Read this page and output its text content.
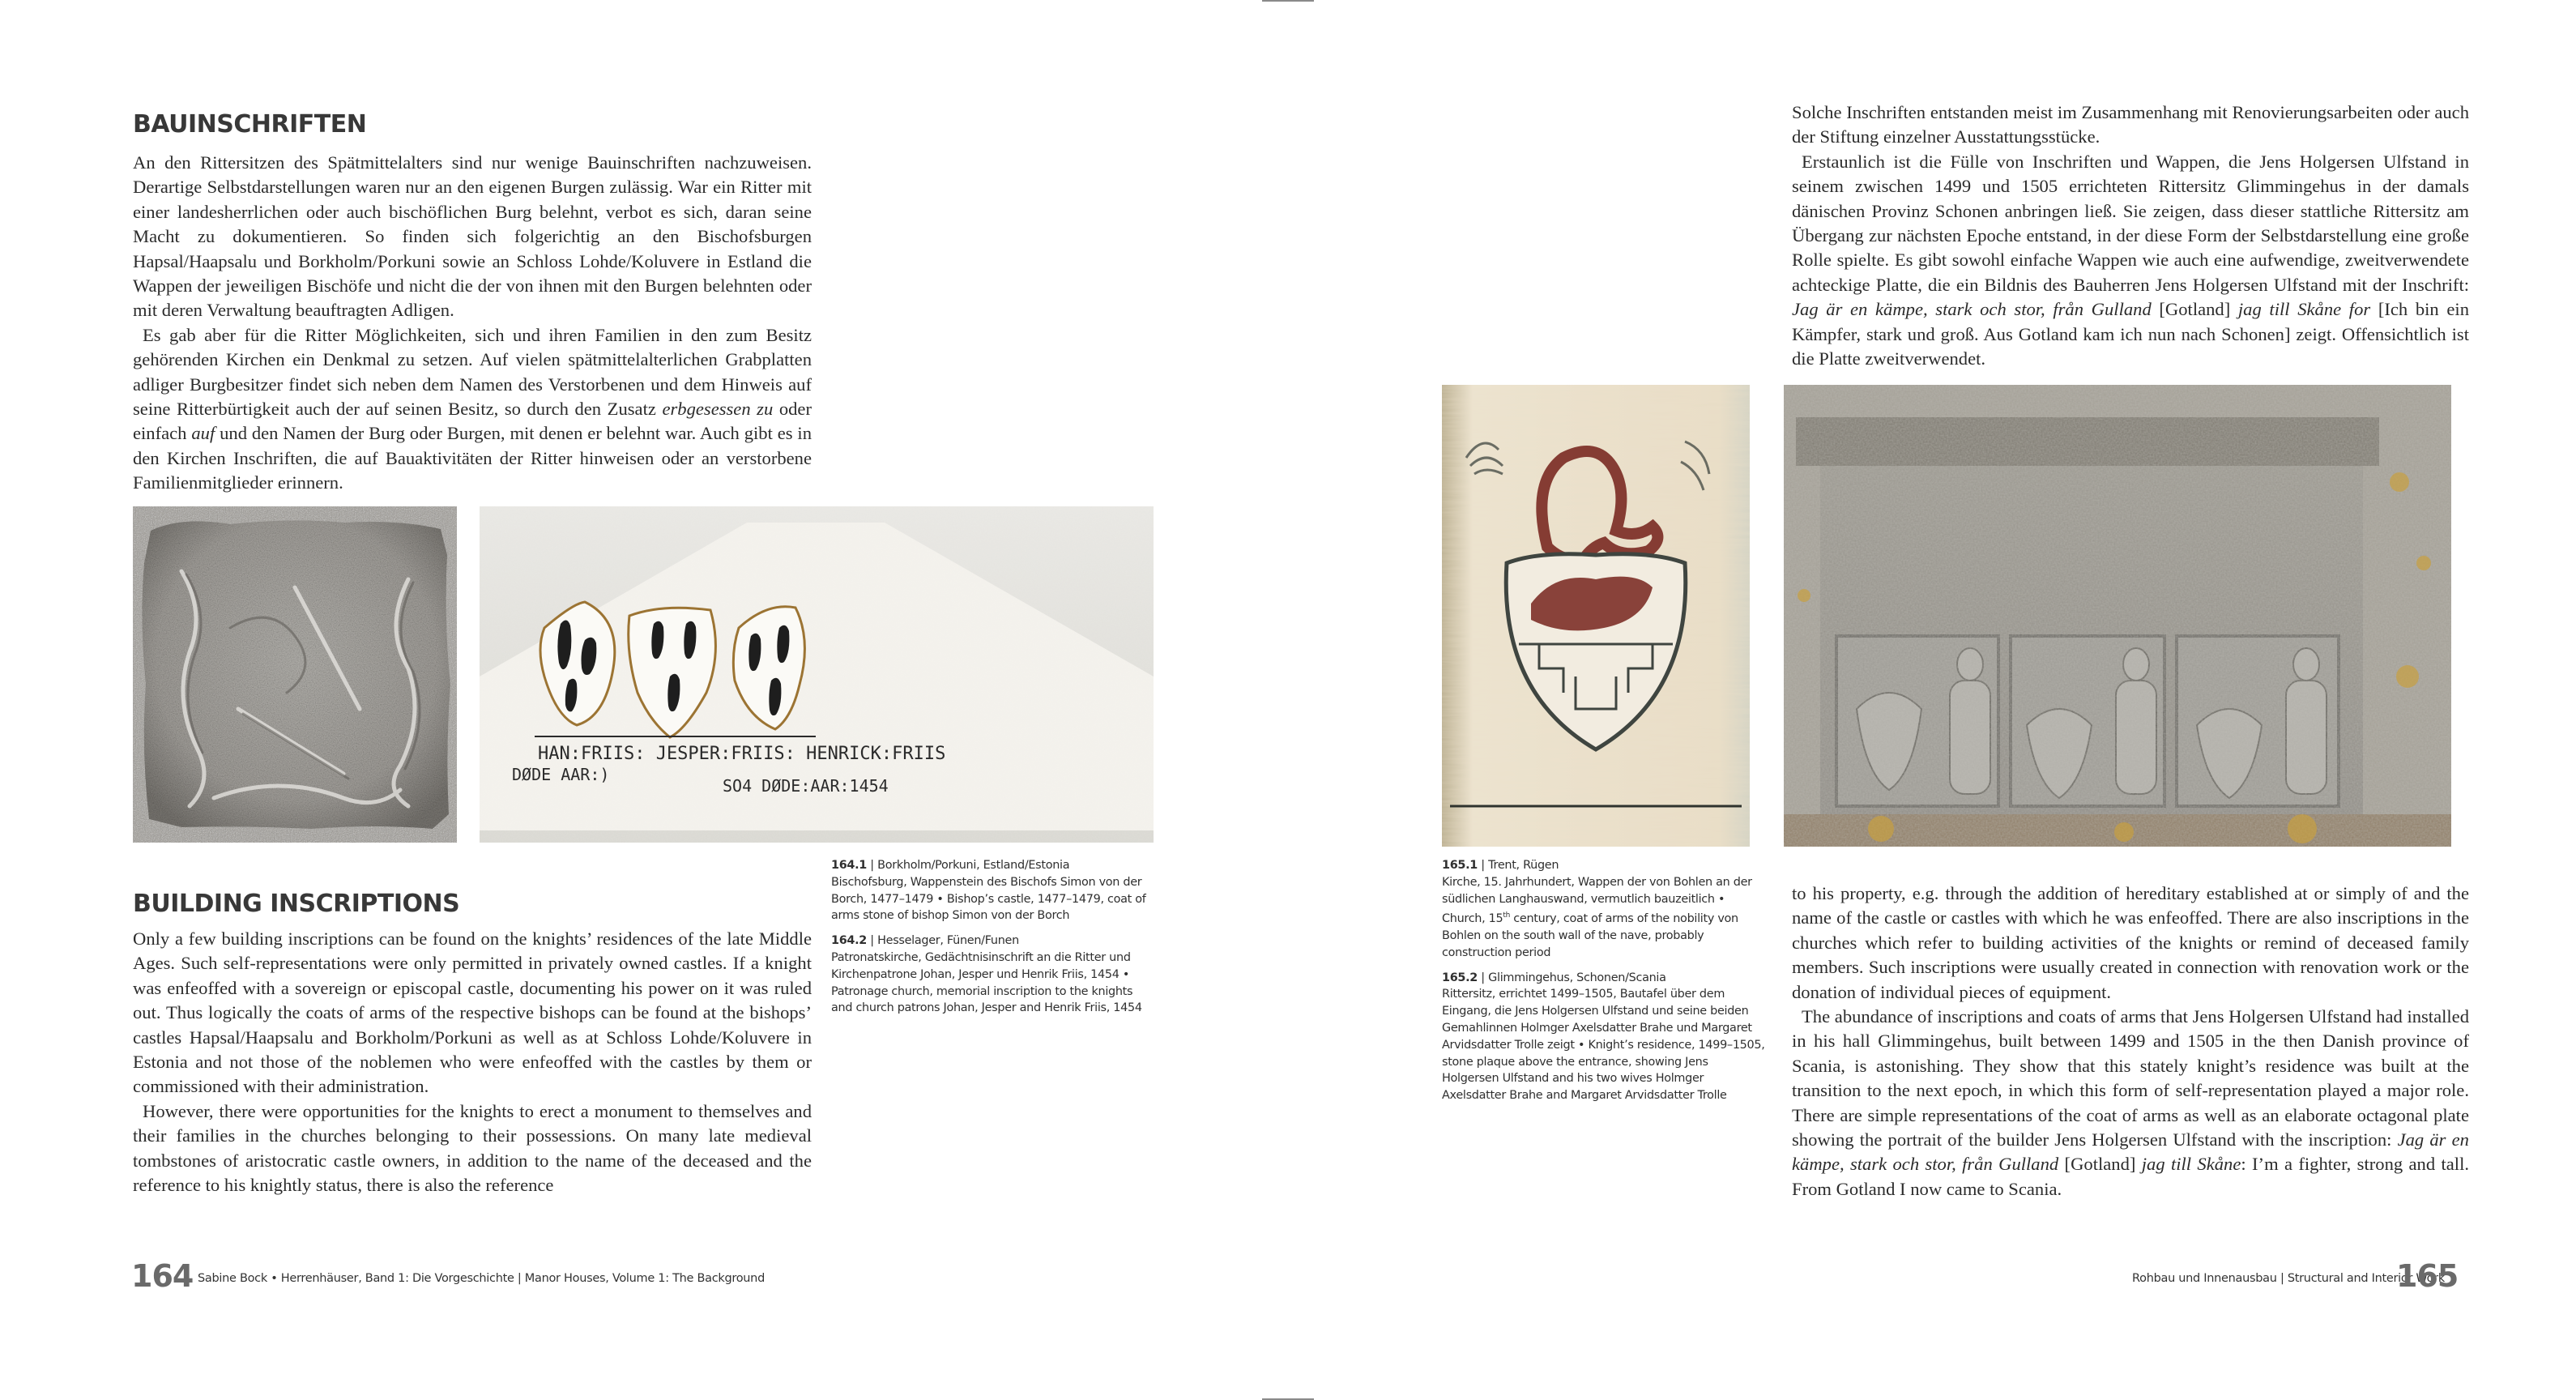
BAUINSCHRIFTEN

An den Rittersitzen des Spätmittelalters sind nur wenige Bauinschriften nachzuweisen. Derartige Selbstdarstellungen waren nur an den eigenen Burgen zulässig. War ein Ritter mit einer landesherrlichen oder auch bischöflichen Burg belehnt, verbot es sich, daran seine Macht zu dokumentieren. So finden sich folgerichtig an den Bischofsburgen Hapsal/Haapsalu und Borkholm/Porkuni sowie an Schloss Lohde/Koluvere in Estland die Wappen der jeweiligen Bischöfe und nicht die der von ihnen mit den Burgen belehnten oder mit deren Verwaltung beauftragten Adligen.

Es gab aber für die Ritter Möglichkeiten, sich und ihren Familien in den zum Besitz gehörenden Kirchen ein Denkmal zu setzen. Auf vielen spätmittelalterlichen Grabplatten adliger Burgbesitzer findet sich neben dem Namen des Verstorbenen und dem Hinweis auf seine Ritterbürtigkeit auch der auf seinen Besitz, so durch den Zusatz erbgesessen zu oder einfach auf und den Namen der Burg oder Burgen, mit denen er belehnt war. Auch gibt es in den Kirchen Inschriften, die auf Bauaktivitäten der Ritter hinweisen oder an verstorbene Familienmitglieder erinnern.

HAN:FRIIS: JESPER:FRIIS: HENRICK:FRIIS
DØDE AAR:)
SO4 DØDE:AAR:1454
BUILDING INSCRIPTIONS

Only a few building inscriptions can be found on the knights’ residences of the late Middle Ages. Such self-representations were only permitted in privately owned castles. If a knight was enfeoffed with a sovereign or episcopal castle, documenting his power on it was ruled out. Thus logically the coats of arms of the respective bishops can be found at the bishops’ castles Hapsal/Haapsalu and Borkholm/Porkuni as well as at Schloss Lohde/Koluvere in Estonia and not those of the noblemen who were enfeoffed with the castles by them or commissioned with their administration.

However, there were opportunities for the knights to erect a monument to themselves and their families in the churches belonging to their possessions. On many late medieval tombstones of aristocratic castle owners, in addition to the name of the deceased and the reference to his knightly status, there is also the reference

164.1 | Borkholm/Porkuni, Estland/Estonia
Bischofsburg, Wappenstein des Bischofs Simon von der Borch, 1477–1479 • Bishop’s castle, 1477–1479, coat of arms stone of bishop Simon von der Borch
164.2 | Hesselager, Fünen/Funen
Patronatskirche, Gedächtnisinschrift an die Ritter und Kirchenpatrone Johan, Jesper und Henrik Friis, 1454 • Patronage church, memorial inscription to the knights and church patrons Johan, Jesper and Henrik Friis, 1454
164 Sabine Bock • Herrenhäuser, Band 1: Die Vorgeschichte | Manor Houses, Volume 1: The Background

Solche Inschriften entstanden meist im Zusammenhang mit Renovierungsarbeiten oder auch der Stiftung einzelner Ausstattungsstücke.

Erstaunlich ist die Fülle von Inschriften und Wappen, die Jens Holgersen Ulfstand in seinem zwischen 1499 und 1505 errichteten Rittersitz Glimmingehus in der damals dänischen Provinz Schonen anbringen ließ. Sie zeigen, dass dieser stattliche Rittersitz am Übergang zur nächsten Epoche entstand, in der diese Form der Selbstdarstellung eine große Rolle spielte. Es gibt sowohl einfache Wappen wie auch eine aufwendige, zweitverwendete achteckige Platte, die ein Bildnis des Bauherren Jens Holgersen Ulfstand mit der Inschrift: Jag är en kämpe, stark och stor, från Gulland [Gotland] jag till Skåne for [Ich bin ein Kämpfer, stark und groß. Aus Gotland kam ich nun nach Schonen] zeigt. Offensichtlich ist die Platte zweitverwendet.

165.1 | Trent, Rügen
Kirche, 15. Jahrhundert, Wappen der von Bohlen an der südlichen Langhauswand, vermutlich bauzeitlich • Church, 15th century, coat of arms of the nobility von Bohlen on the south wall of the nave, probably construction period
165.2 | Glimmingehus, Schonen/Scania
Rittersitz, errichtet 1499–1505, Bautafel über dem Eingang, die Jens Holgersen Ulfstand und seine beiden Gemahlinnen Holmger Axelsdatter Brahe und Margaret Arvidsdatter Trolle zeigt • Knight’s residence, 1499–1505, stone plaque above the entrance, showing Jens Holgersen Ulfstand and his two wives Holmger Axelsdatter Brahe and Margaret Arvidsdatter Trolle

to his property, e.g. through the addition of hereditary established at or simply of and the name of the castle or castles with which he was enfeoffed. There are also inscriptions in the churches which refer to building activities of the knights or remind of deceased family members. Such inscriptions were usually created in connection with renovation work or the donation of individual pieces of equipment.

The abundance of inscriptions and coats of arms that Jens Holgersen Ulfstand had installed in his hall Glimmingehus, built between 1499 and 1505 in the then Danish province of Scania, is astonishing. They show that this stately knight’s residence was built at the transition to the next epoch, in which this form of self-representation played a major role. There are simple representations of the coat of arms as well as an elaborate octagonal plate showing the portrait of the builder Jens Holgersen Ulfstand with the inscription: Jag är en kämpe, stark och stor, från Gulland [Gotland] jag till Skåne: I’m a fighter, strong and tall. From Gotland I now came to Scania.

Rohbau und Innenausbau | Structural and Interior Work
165
